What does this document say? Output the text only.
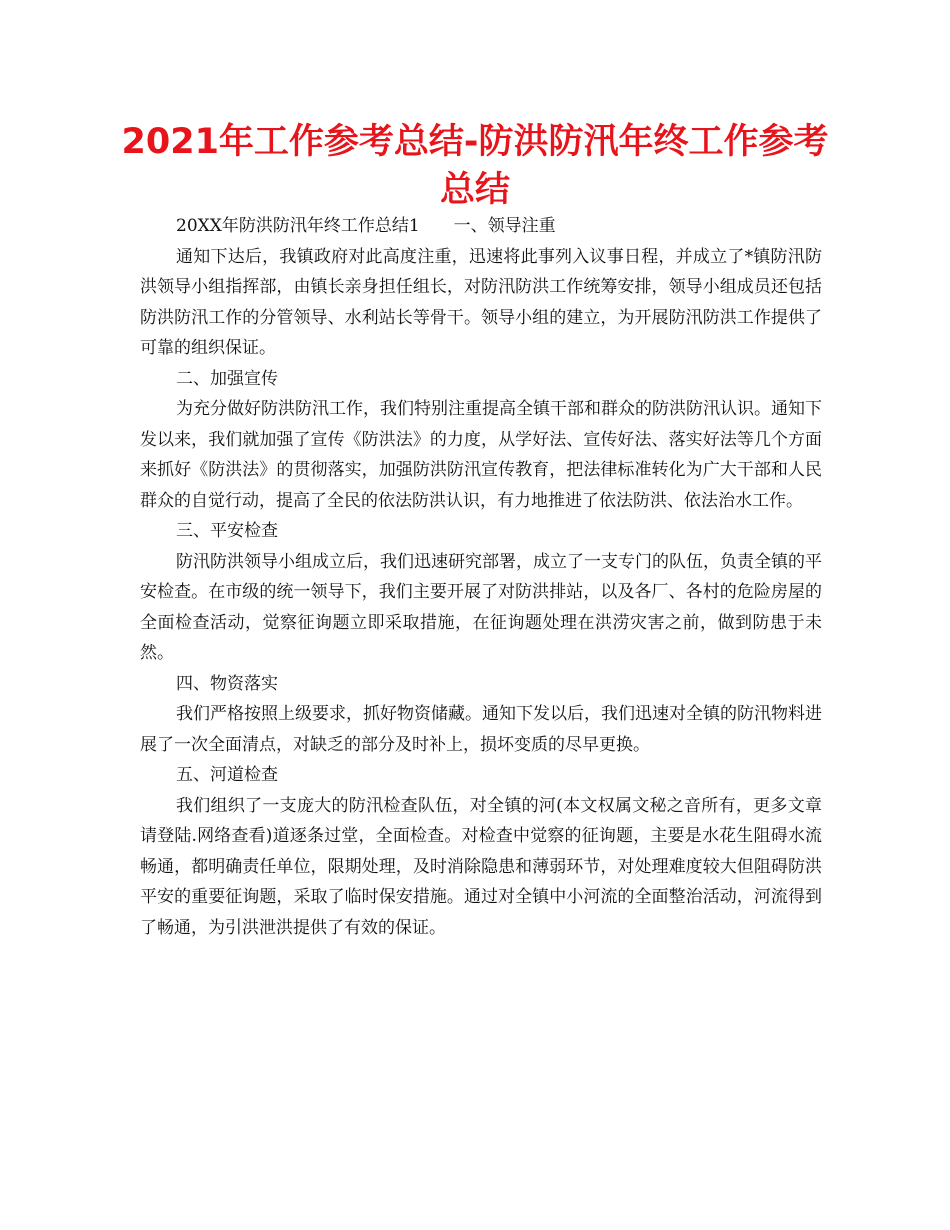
2021年工作参考总结-防洪防汛年终工作参考总结

20XX年防洪防汛年终工作总结1　　一、领导注重

通知下达后，我镇政府对此高度注重，迅速将此事列入议事日程，并成立了*镇防汛防洪领导小组指挥部，由镇长亲身担任组长，对防汛防洪工作统筹安排，领导小组成员还包括防洪防汛工作的分管领导、水利站长等骨干。领导小组的建立，为开展防汛防洪工作提供了可靠的组织保证。

二、加强宣传

为充分做好防洪防汛工作，我们特别注重提高全镇干部和群众的防洪防汛认识。通知下发以来，我们就加强了宣传《防洪法》的力度，从学好法、宣传好法、落实好法等几个方面来抓好《防洪法》的贯彻落实，加强防洪防汛宣传教育，把法律标准转化为广大干部和人民群众的自觉行动，提高了全民的依法防洪认识，有力地推进了依法防洪、依法治水工作。

三、平安检查

防汛防洪领导小组成立后，我们迅速研究部署，成立了一支专门的队伍，负责全镇的平安检查。在市级的统一领导下，我们主要开展了对防洪排站，以及各厂、各村的危险房屋的全面检查活动，觉察征询题立即采取措施，在征询题处理在洪涝灾害之前，做到防患于未然。

四、物资落实

我们严格按照上级要求，抓好物资储藏。通知下发以后，我们迅速对全镇的防汛物料进展了一次全面清点，对缺乏的部分及时补上，损坏变质的尽早更换。

五、河道检查

我们组织了一支庞大的防汛检查队伍，对全镇的河(本文权属文秘之音所有，更多文章请登陆.网络查看)道逐条过堂，全面检查。对检查中觉察的征询题，主要是水花生阻碍水流畅通，都明确责任单位，限期处理，及时消除隐患和薄弱环节，对处理难度较大但阻碍防洪平安的重要征询题，采取了临时保安措施。通过对全镇中小河流的全面整治活动，河流得到了畅通，为引洪泄洪提供了有效的保证。
